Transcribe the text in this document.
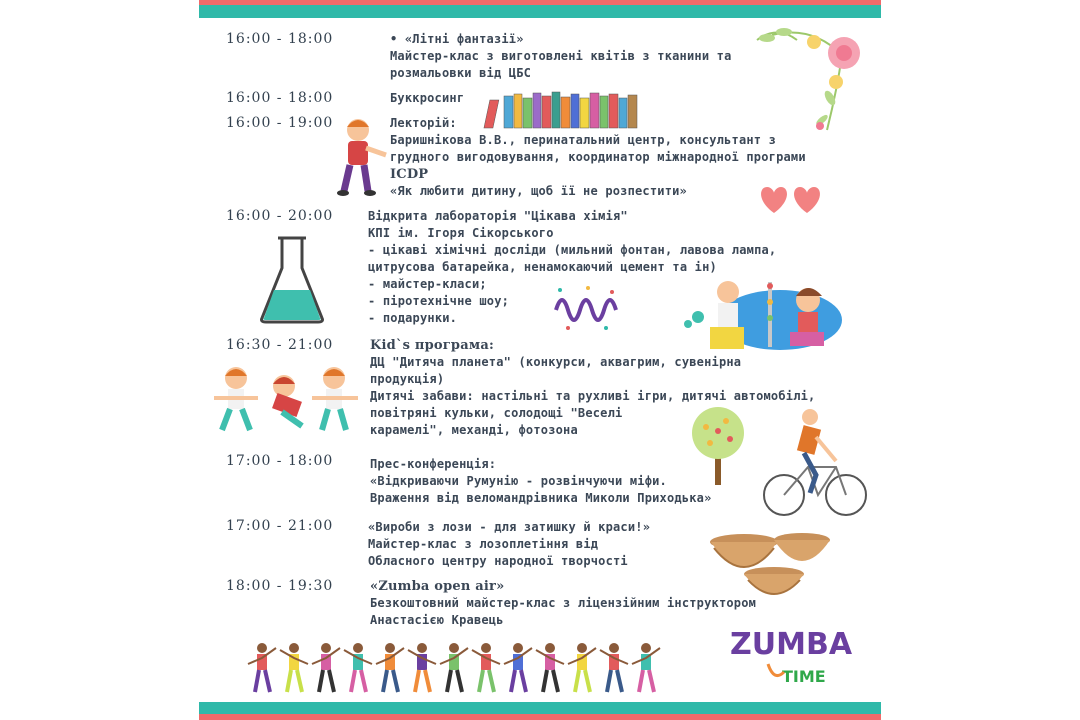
16:00 - 18:00	• «Літні фантазії»
Майстер-клас з виготовлені квітів з тканини та
розмальовки від ЦБС
16:00 - 18:00	Буккросинг
16:00 - 19:00	Лекторій:
Баришнікова В.В., перинатальний центр, консультант з
грудного вигодовування, координатор міжнародної програми
ICDP
«Як любити дитину, щоб її не розпестити»
16:00 - 20:00	Відкрита лабораторія "Цікава хімія"
КПІ ім. Ігоря Сікорського
- цікаві хімічні досліди (мильний фонтан, лавова лампа,
цитрусова батарейка, ненамокаючий цемент та ін)
- майстер-класи;
- піротехнічне шоу;
- подарунки.
16:30 - 21:00	Kid`s програма:
ДЦ "Дитяча планета" (конкурси, аквагрим, сувенірна
продукція)
Дитячі забави: настільні та рухливі ігри, дитячі автомобілі,
повітряні кульки, солодощі "Веселі
карамелі", механді, фотозона
17:00 - 18:00	Прес-конференція:
«Відкриваючи Румунію - розвінчуючи міфи.
Враження від веломандрівника Миколи Приходька»
17:00 - 21:00	«Вироби з лози - для затишку й краси!»
Майстер-клас з лозоплетіння від
Обласного центру народної творчості
18:00 - 19:30	«Zumba open air»
Безкоштовний майстер-клас з ліцензійним інструктором
Анастасією Кравець
ZUMBA
TIME
